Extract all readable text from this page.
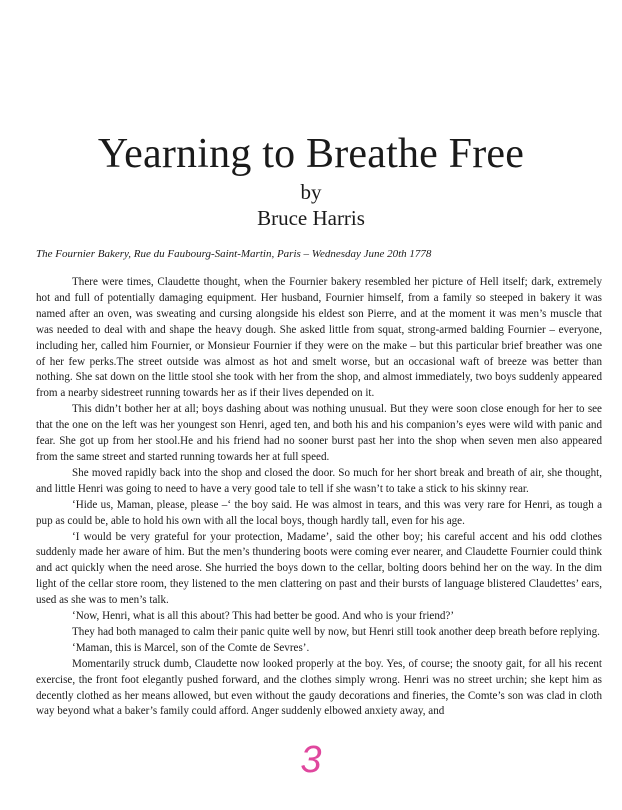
Yearning to Breathe Free
by
Bruce Harris
The Fournier Bakery, Rue du Faubourg-Saint-Martin, Paris – Wednesday June 20th 1778

There were times, Claudette thought, when the Fournier bakery resembled her picture of Hell itself; dark, extremely hot and full of potentially damaging equipment. Her husband, Fournier himself, from a family so steeped in bakery it was named after an oven, was sweating and cursing alongside his eldest son Pierre, and at the moment it was men’s muscle that was needed to deal with and shape the heavy dough. She asked little from squat, strong-armed balding Fournier – everyone, including her, called him Fournier, or Monsieur Fournier if they were on the make – but this particular brief breather was one of her few perks.The street outside was almost as hot and smelt worse, but an occasional waft of breeze was better than nothing. She sat down on the little stool she took with her from the shop, and almost immediately, two boys suddenly appeared from a nearby sidestreet running towards her as if their lives depended on it.

This didn’t bother her at all; boys dashing about was nothing unusual. But they were soon close enough for her to see that the one on the left was her youngest son Henri, aged ten, and both his and his companion’s eyes were wild with panic and fear. She got up from her stool.He and his friend had no sooner burst past her into the shop when seven men also appeared from the same street and started running towards her at full speed.

She moved rapidly back into the shop and closed the door. So much for her short break and breath of air, she thought, and little Henri was going to need to have a very good tale to tell if she wasn’t to take a stick to his skinny rear.

‘Hide us, Maman, please, please –‘ the boy said. He was almost in tears, and this was very rare for Henri, as tough a pup as could be, able to hold his own with all the local boys, though hardly tall, even for his age.

‘I would be very grateful for your protection, Madame’, said the other boy; his careful accent and his odd clothes suddenly made her aware of him. But the men’s thundering boots were coming ever nearer, and Claudette Fournier could think and act quickly when the need arose. She hurried the boys down to the cellar, bolting doors behind her on the way. In the dim light of the cellar store room, they listened to the men clattering on past and their bursts of language blistered Claudettes’ ears, used as she was to men’s talk.

‘Now, Henri, what is all this about? This had better be good. And who is your friend?’

They had both managed to calm their panic quite well by now, but Henri still took another deep breath before replying.

‘Maman, this is Marcel, son of the Comte de Sevres’.

Momentarily struck dumb, Claudette now looked properly at the boy. Yes, of course; the snooty gait, for all his recent exercise, the front foot elegantly pushed forward, and the clothes simply wrong. Henri was no street urchin; she kept him as decently clothed as her means allowed, but even without the gaudy decorations and fineries, the Comte’s son was clad in cloth way beyond what a baker’s family could afford. Anger suddenly elbowed anxiety away, and

3
